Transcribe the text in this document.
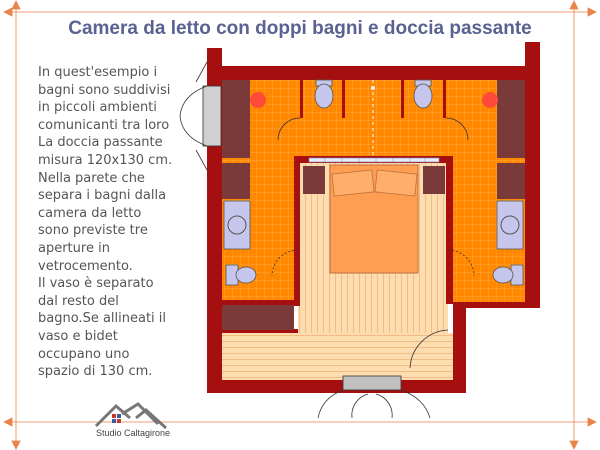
Camera da letto con doppi bagni e doccia passante
In quest'esempio i
bagni sono suddivisi
in piccoli ambienti
comunicanti tra loro
La doccia passante
misura 120x130 cm.
Nella parete che
separa i bagni dalla
camera da letto
sono previste tre
aperture in
vetrocemento.
Il vaso è separato
dal resto del
bagno.Se allineati il
vaso e bidet
occupano uno
spazio di 130 cm.
Studio Caltagirone
